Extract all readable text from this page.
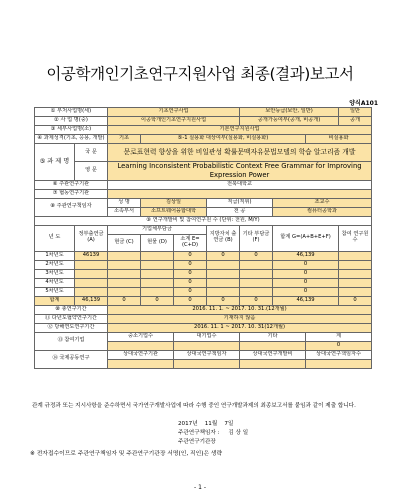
이공학개인기초연구지원사업 최종(결과)보고서
양식A101
① 부처사업명(세)		기초연구사업				보안등급(보안, 일반)			일반
② 사 업 명(중)		이공학개인기초연구지원사업				공개가능여부(공개, 비공개)			공개
③ 세부사업명(소)		기본연구지원사업							
④ 과제성격(기초, 응용, 개발)		기초	⑤-1 실용화 대상여부(실용화, 비실용화)					비실용화	
⑤ 과 제 명	국 문	문로표현력 향상을 위한 비일관성 확률문맥자유문법모델의 학습 알고리즘 개발							
	영 문	Learning Inconsistent Probabilistic Context Free Grammar for Improving Expression Power							
⑥ 주관연구기관		전북대학교							
⑦ 협동연구기관									
⑧ 주관연구책임자		성 명	김상일		직급(직위)		조교수		
		소속부서	소프트웨어융합대학		전 공		컴퓨터공학과		
⑨ 연구개발비 및 참여연구원 수 (단위: 천원, M/Y)									
년 도	정부출연금 (A)	기업체부담금			지방자치 출연금 (B)	기타 부담금 (F)	합계 G=(A+B+E+F)		참여 연구원수
		현금 (C)	현물 (D)	소계 E=(C+D)					
1차년도	46139			0	0	0	46,139		
2차년도				0			0		
3차년도				0			0		
4차년도				0			0		
5차년도				0			0		
합계	46,139	0	0	0	0	0	46,139		0
⑩ 총연구기간		2016. 11. 1. ~ 2017. 10. 31.(12개월)							
⑪ 다년도협약연구기간		기재하지 않음							
⑫ 당해연도연구기간		2016. 11. 1 ~ 2017. 10. 31(12개월)							
⑬ 참여기업		중소기업수		대기업수		기타		계	
								0	
⑭ 국제공동연구		상대국연구기관		상대국연구책임자		상대국연구개발비		상대국연구책임자수	

관계 규정과 또는 지시사항을 준수하면서 국가연구개발사업에 따라 수행 중인 연구개발과제의 최종보고서를 붙임과 같이 제출 합니다.
2017년    11월    7일
주관연구책임자 :     김 상 일
주관연구기관장
※ 전자접수이므로 주관연구책임자 및 주관연구기관장 서명(인, 직인)은 생략
- 1 -
